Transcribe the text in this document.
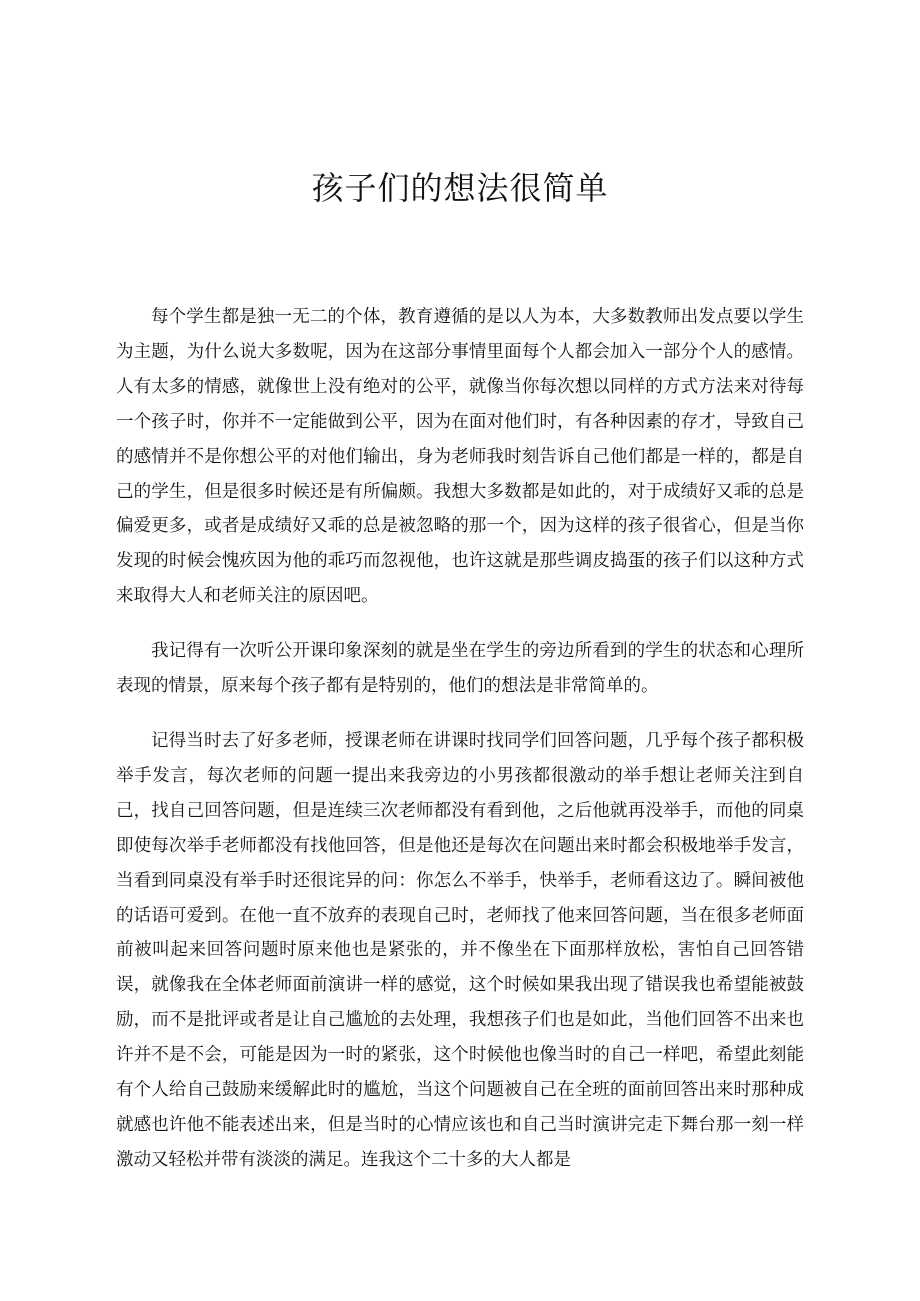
孩子们的想法很简单

每个学生都是独一无二的个体，教育遵循的是以人为本，大多数教师出发点要以学生为主题，为什么说大多数呢，因为在这部分事情里面每个人都会加入一部分个人的感情。人有太多的情感，就像世上没有绝对的公平，就像当你每次想以同样的方式方法来对待每一个孩子时，你并不一定能做到公平，因为在面对他们时，有各种因素的存才，导致自己的感情并不是你想公平的对他们输出，身为老师我时刻告诉自己他们都是一样的，都是自己的学生，但是很多时候还是有所偏颇。我想大多数都是如此的，对于成绩好又乖的总是偏爱更多，或者是成绩好又乖的总是被忽略的那一个，因为这样的孩子很省心，但是当你发现的时候会愧疚因为他的乖巧而忽视他，也许这就是那些调皮捣蛋的孩子们以这种方式来取得大人和老师关注的原因吧。

我记得有一次听公开课印象深刻的就是坐在学生的旁边所看到的学生的状态和心理所表现的情景，原来每个孩子都有是特别的，他们的想法是非常简单的。

记得当时去了好多老师，授课老师在讲课时找同学们回答问题，几乎每个孩子都积极举手发言，每次老师的问题一提出来我旁边的小男孩都很激动的举手想让老师关注到自己，找自己回答问题，但是连续三次老师都没有看到他，之后他就再没举手，而他的同桌即使每次举手老师都没有找他回答，但是他还是每次在问题出来时都会积极地举手发言，当看到同桌没有举手时还很诧异的问：你怎么不举手，快举手，老师看这边了。瞬间被他的话语可爱到。在他一直不放弃的表现自己时，老师找了他来回答问题，当在很多老师面前被叫起来回答问题时原来他也是紧张的，并不像坐在下面那样放松，害怕自己回答错误，就像我在全体老师面前演讲一样的感觉，这个时候如果我出现了错误我也希望能被鼓励，而不是批评或者是让自己尴尬的去处理，我想孩子们也是如此，当他们回答不出来也许并不是不会，可能是因为一时的紧张，这个时候他也像当时的自己一样吧，希望此刻能有个人给自己鼓励来缓解此时的尴尬，当这个问题被自己在全班的面前回答出来时那种成就感也许他不能表述出来，但是当时的心情应该也和自己当时演讲完走下舞台那一刻一样激动又轻松并带有淡淡的满足。连我这个二十多的大人都是
